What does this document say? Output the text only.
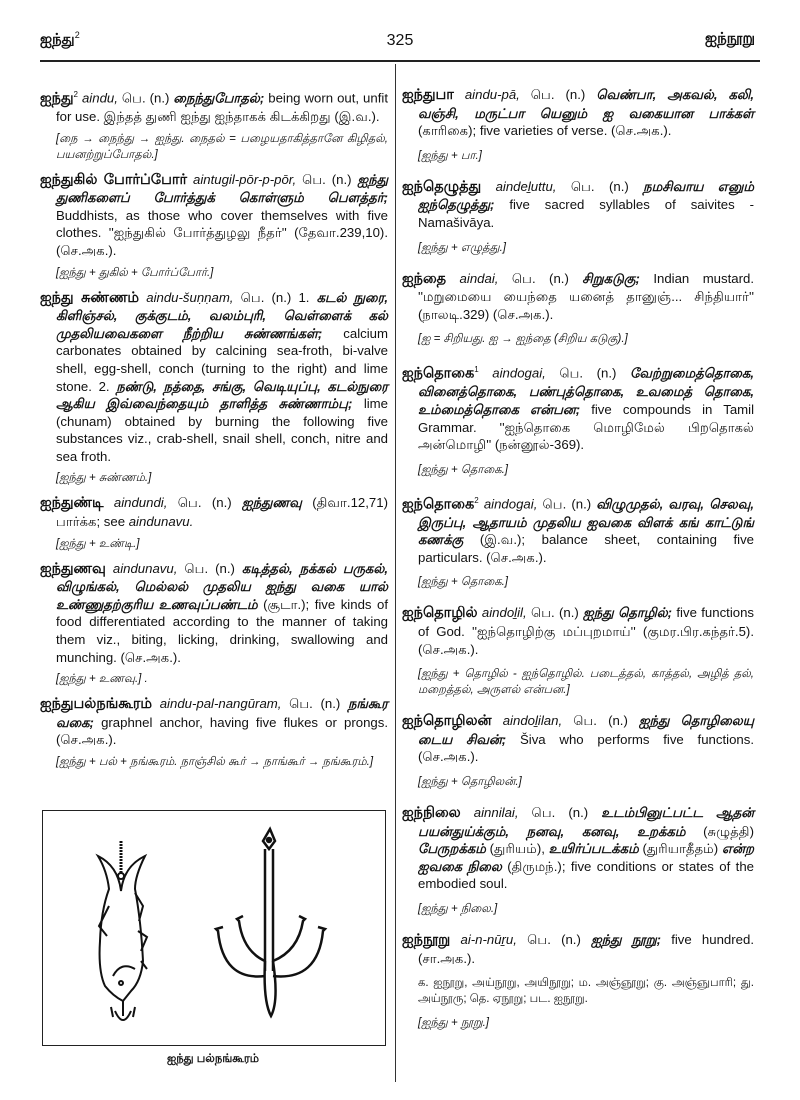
ஐந்து$^2$	325	ஐந்நூறு

ஐந்து$^2$ aindu, பெ. (n.) நைந்துபோதல்; being worn out, unfit for use. இந்தத் துணி ஐந்து ஐந்தாகக் கிடக்கிறது (இ.வ.).

[நை → நைந்து → ஐந்து. நைதல் = பழையதாகித்தானே கிழிதல், பயனற்றுப்போதல்.]

ஐந்துகில் போர்ப்போர் aintugil-pōr-p-pōr, பெ. (n.) ஐந்து துணிகளைப் போர்த்துக் கொள்ளும் பௌத்தர்; Buddhists, as those who cover themselves with five clothes. ''ஐந்துகில் போர்த்துழலு நீதர்'' (தேவா.239,10). (செ.அக.).

[ஐந்து + துகில் + போர்ப்போர்.]

ஐந்து சுண்ணம் aindu-šuṇṇam, பெ. (n.) 1. கடல் நுரை, கிளிஞ்சல், குக்குடம், வலம்புரி, வெள்ளைக் கல் முதலியவைகளை நீற்றிய சுண்ணங்கள்; calcium carbonates obtained by calcining sea-froth, bi-valve shell, egg-shell, conch (turning to the right) and lime stone. 2. நண்டு, நத்தை, சங்கு, வெடியுப்பு, கடல்நுரை ஆகிய இவ்வைந்தையும் தாளித்த சுண்ணாம்பு; lime (chunam) obtained by burning the following five substances viz., crab-shell, snail shell, conch, nitre and sea froth.

[ஐந்து + சுண்ணம்.]

ஐந்துண்டி aindundi, பெ. (n.) ஐந்துணவு (திவா.12,71) பார்க்க; see aindunavu.

[ஐந்து + உண்டி.]

ஐந்துணவு aindunavu, பெ. (n.) கடித்தல், நக்கல் பருகல், விழுங்கல், மெல்லல் முதலிய ஐந்து வகை யால் உண்ணுதற்குரிய உணவுப்பண்டம் (சூடா.); five kinds of food differentiated according to the manner of taking them viz., biting, licking, drinking, swallowing and munching. (செ.அக.).

[ஐந்து + உணவு.] .

ஐந்துபல்நங்கூரம் aindu-pal-nangūram, பெ. (n.) நங்கூர வகை; graphnel anchor, having five flukes or prongs. (செ.அக.).

[ஐந்து + பல் + நங்கூரம். நாஞ்சில் கூர் → நாங்கூர் → நங்கூரம்.]

ஐந்துபா aindu-pā, பெ. (n.) வெண்பா, அகவல், கலி, வஞ்சி, மருட்பா யெனும் ஐ வகையான பாக்கள் (காரிகை); five varieties of verse. (செ.அக.).

[ஐந்து + பா.]

ஐந்தெழுத்து aindeḻuttu, பெ. (n.) நமசிவாய எனும் ஐந்தெழுத்து; five sacred syllables of saivites -Namašivāya.

[ஐந்து + எழுத்து.]

ஐந்தை aindai, பெ. (n.) சிறுகடுகு; Indian mustard. ''மறுமையை யைந்தை யனைத் தானுஞ்... சிந்தியார்'' (நாலடி.329) (செ.அக.).

[ஐ = சிறியது. ஐ → ஐந்தை (சிறிய கடுகு).]

ஐந்தொகை$^1$ aindogai, பெ. (n.) வேற்றுமைத்தொகை, வினைத்தொகை, பண்புத்தொகை, உவமைத் தொகை, உம்மைத்தொகை என்பன; five compounds in Tamil Grammar. ''ஐந்தொகை மொழிமேல் பிறதொகல் அன்மொழி'' (நன்னூல்-369).

[ஐந்து + தொகை.]

ஐந்தொகை$^2$ aindogai, பெ. (n.) விழுமுதல், வரவு, செலவு, இருப்பு, ஆதாயம் முதலிய ஐவகை விளக் கங் காட்டுங் கணக்கு (இ.வ.); balance sheet, containing five particulars. (செ.அக.).

[ஐந்து + தொகை.]

ஐந்தொழில் aindoḻil, பெ. (n.) ஐந்து தொழில்; five functions of God. ''ஐந்தொழிற்கு மப்புறமாய்'' (குமர.பிர.கந்தர்.5). (செ.அக.).

[ஐந்து + தொழில் - ஐந்தொழில். படைத்தல், காத்தல், அழித் தல், மறைத்தல், அருளல் என்பன.]

ஐந்தொழிலன் aindoḻilan, பெ. (n.) ஐந்து தொழிலையு டைய சிவன்; Šiva who performs five functions. (செ.அக.).

[ஐந்து + தொழிலன்.]

ஐந்நிலை ainnilai, பெ. (n.) உடம்பினுட்பட்ட ஆதன் பயன்துய்க்கும், நனவு, கனவு, உறக்கம் (சுழுத்தி) பேருறக்கம் (துரியம்), உயிர்ப்படக்கம் (துரியாதீதம்) என்ற ஐவகை நிலை (திருமந்.); five conditions or states of the embodied soul.

[ஐந்து + நிலை.]

ஐந்நூறு ai-n-nūṟu, பெ. (n.) ஐந்து நூறு; five hundred. (சா.அக.).

க. ஐநூறு, அய்நூறு, அயிநூறு; ம. அஞ்ஞூறு; கு. அஞ்ஞுபாரி; து. அய்நூரு; தெ. ஏநூறு; பட. ஐநூறு.

[ஐந்து + நூறு.]

ஐந்து பல்நங்கூரம்
